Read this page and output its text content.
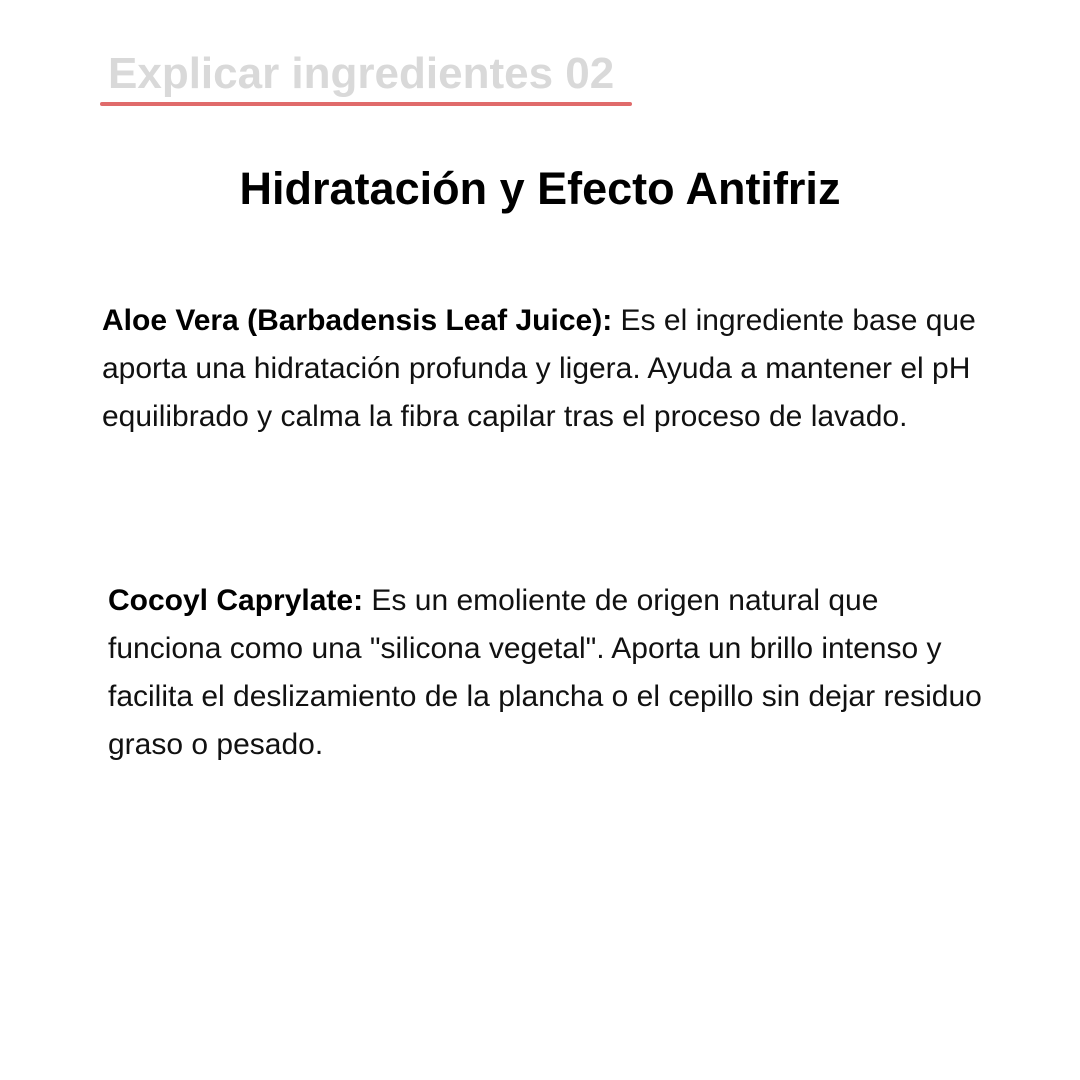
Explicar ingredientes 02
Hidratación y Efecto Antifriz

Aloe Vera (Barbadensis Leaf Juice): Es el ingrediente base que aporta una hidratación profunda y ligera. Ayuda a mantener el pH equilibrado y calma la fibra capilar tras el proceso de lavado.

Cocoyl Caprylate: Es un emoliente de origen natural que funciona como una "silicona vegetal". Aporta un brillo intenso y facilita el deslizamiento de la plancha o el cepillo sin dejar residuo graso o pesado.
